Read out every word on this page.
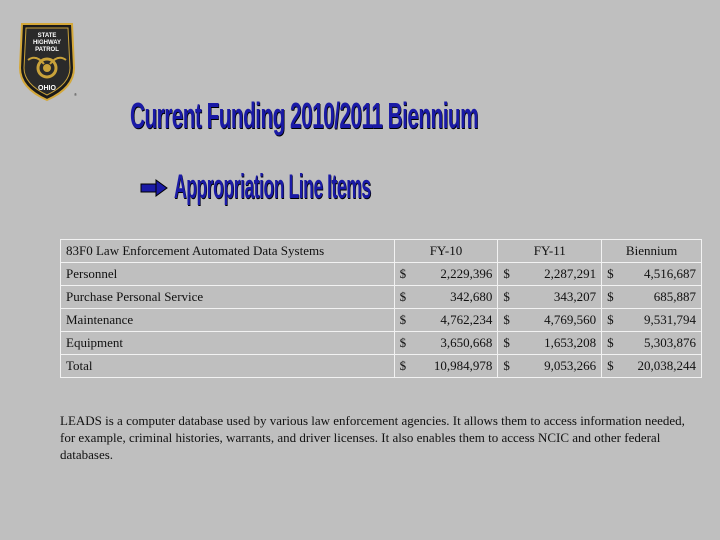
STATE
HIGHWAY
PATROL
OHIO
®
Current Funding 2010/2011 Biennium
Appropriation Line Items
83F0 Law Enforcement Automated Data Systems	FY-10	FY-11	Biennium
Personnel	$ 2,229,396	$ 2,287,291	$ 4,516,687

Purchase Personal Service	$ 342,680	$ 343,207	$ 685,887

Maintenance	$ 4,762,234	$ 4,769,560	$ 9,531,794

Equipment	$ 3,650,668	$ 1,653,208	$ 5,303,876

Total	$ 10,984,978	$ 9,053,266	$ 20,038,244
LEADS is a computer database used by various law enforcement agencies. It allows them to access information needed, for example, criminal histories, warrants, and driver licenses. It also enables them to access NCIC and other federal databases.
